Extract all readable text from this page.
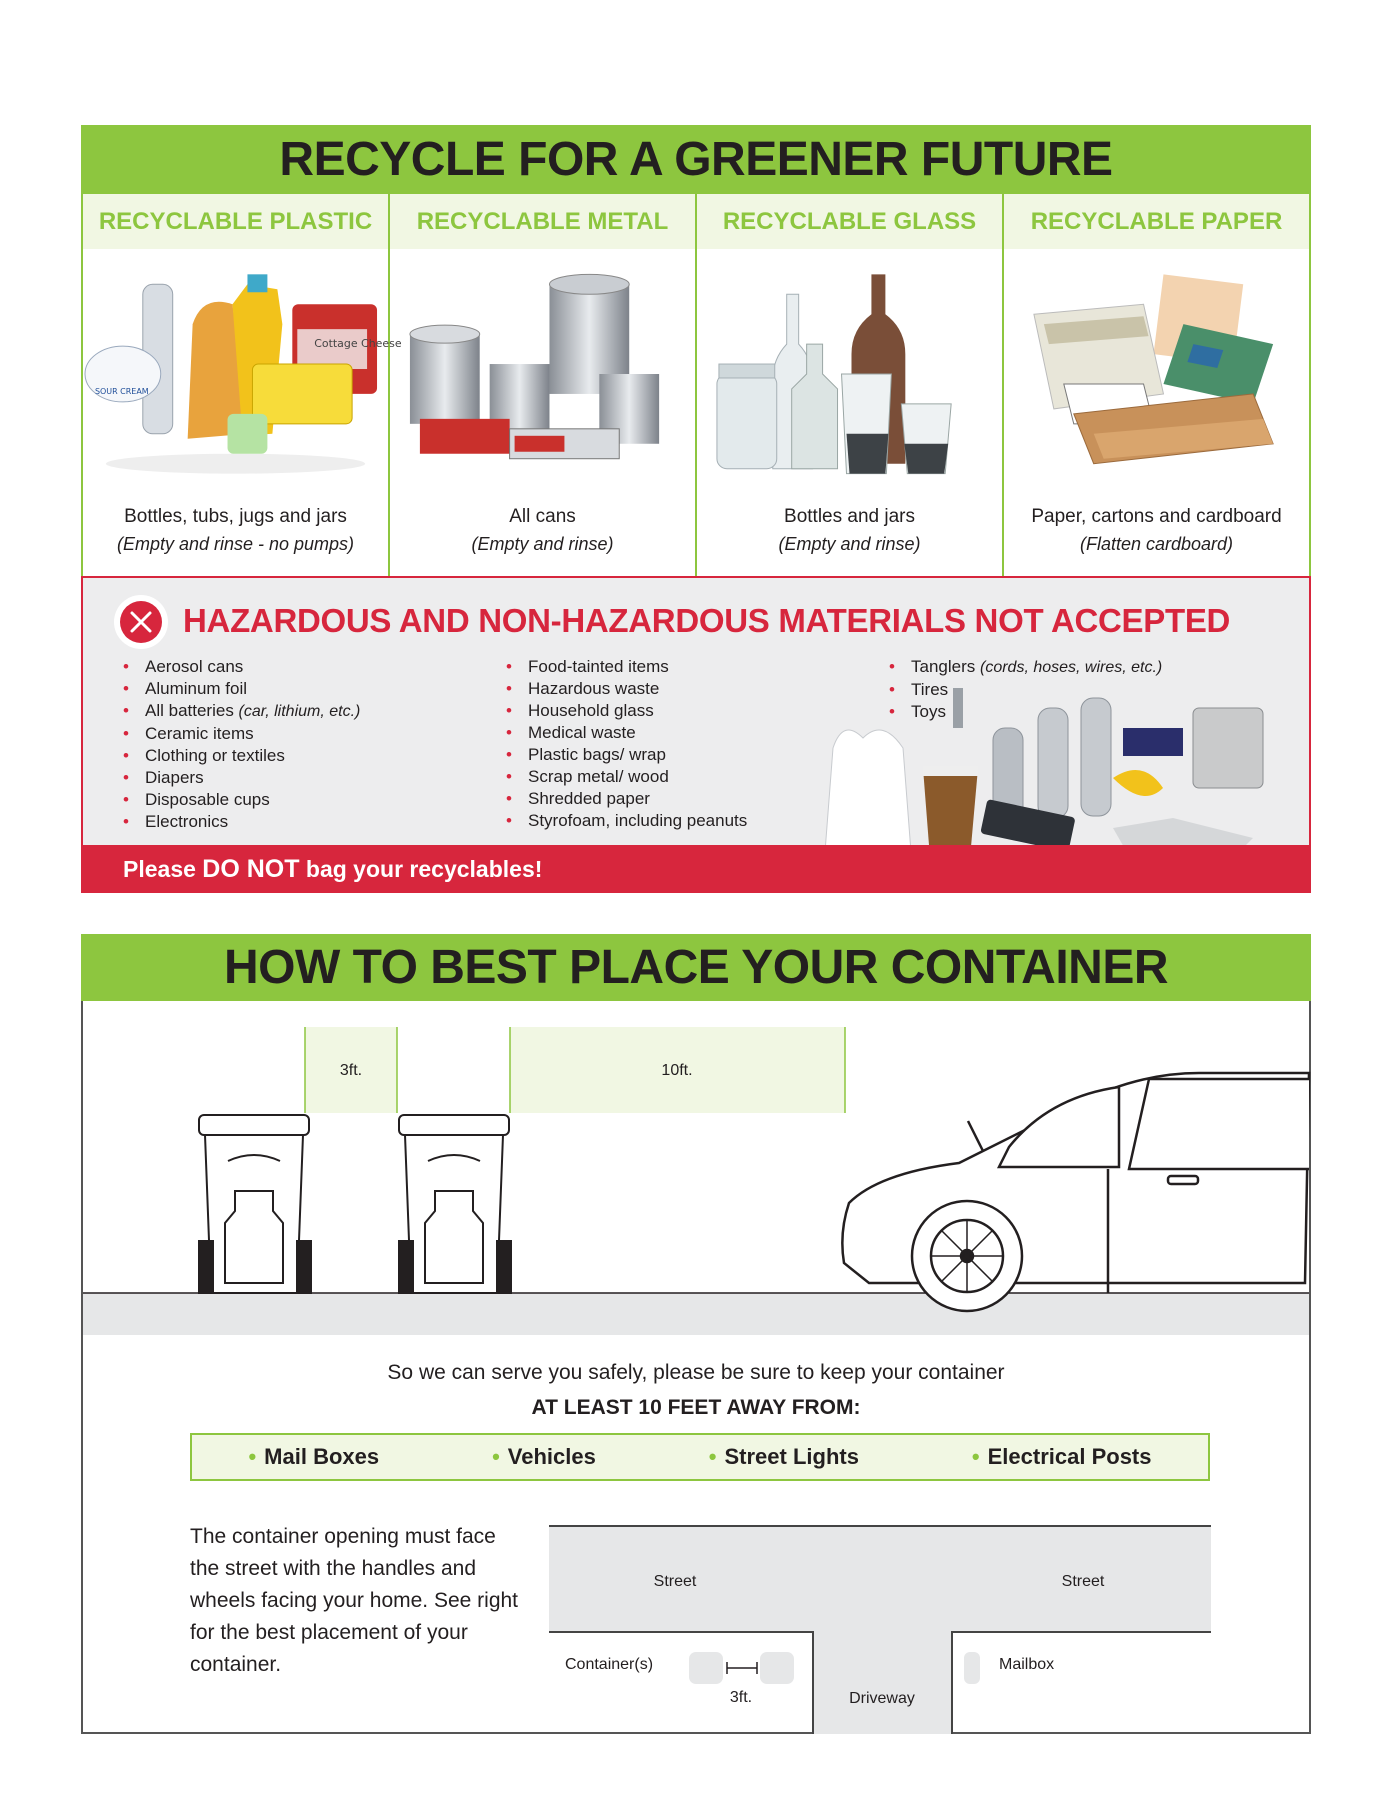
RECYCLE FOR A GREENER FUTURE
RECYCLABLE PLASTIC
Cottage Cheese
SOUR CREAM
Bottles, tubs, jugs and jars
(Empty and rinse - no pumps)
RECYCLABLE METAL
All cans
(Empty and rinse)
RECYCLABLE GLASS
Bottles and jars
(Empty and rinse)
RECYCLABLE PAPER
Paper, cartons and cardboard
(Flatten cardboard)
HAZARDOUS AND NON-HAZARDOUS MATERIALS NOT ACCEPTED
• Aerosol cans
• Aluminum foil
• All batteries (car, lithium, etc.)
• Ceramic items
• Clothing or textiles
• Diapers
• Disposable cups
• Electronics
• Food-tainted items
• Hazardous waste
• Household glass
• Medical waste
• Plastic bags/ wrap
• Scrap metal/ wood
• Shredded paper
• Styrofoam, including peanuts
• Tanglers (cords, hoses, wires, etc.)
• Tires
• Toys
Please DO NOT bag your recyclables!
HOW TO BEST PLACE YOUR CONTAINER
3ft.	10ft.
So we can serve you safely, please be sure to keep your container
AT LEAST 10 FEET AWAY FROM:
• Mail Boxes	• Vehicles	• Street Lights	• Electrical Posts
The container opening must face the street with the handles and wheels facing your home. See right for the best placement of your container.
Street	Street
Container(s)
3ft.	Driveway
Mailbox
